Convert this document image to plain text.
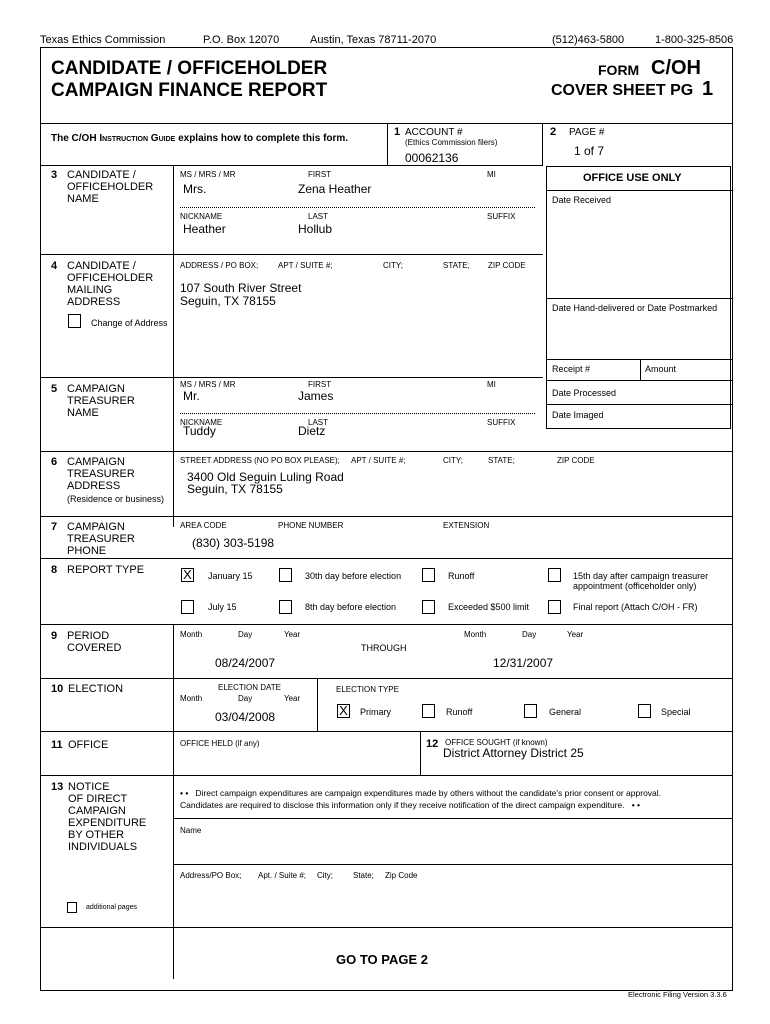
Texas Ethics Commission	P.O. Box 12070	Austin, Texas 78711-2070	(512)463-5800	1-800-325-8506
CANDIDATE / OFFICEHOLDER
CAMPAIGN FINANCE REPORT
FORM C/OH
COVER SHEET PG 1
The C/OH Instruction Guide explains how to complete this form.
1 ACCOUNT #
(Ethics Commission filers)
00062136
2 PAGE #
1 of 7
OFFICE USE ONLY
Date Received
Date Hand-delivered or Date Postmarked
Receipt #	Amount
Date Processed
Date Imaged
3 CANDIDATE /
OFFICEHOLDER
NAME
MS / MRS / MR	FIRST	MI
Mrs.	Zena Heather
NICKNAME	LAST	SUFFIX
Heather	Hollub
4 CANDIDATE /
OFFICEHOLDER
MAILING
ADDRESS
Change of Address
ADDRESS / PO BOX; APT / SUITE #;	CITY;	STATE; ZIP CODE
107 South River Street
Seguin, TX 78155
5 CAMPAIGN
TREASURER
NAME
MS / MRS / MR	FIRST	MI
Mr.	James
NICKNAME	LAST	SUFFIX
Tuddy	Dietz
6 CAMPAIGN
TREASURER
ADDRESS
(Residence or business)
STREET ADDRESS (NO PO BOX PLEASE); APT / SUITE #;	CITY;	STATE;	ZIP CODE
3400 Old Seguin Luling Road
Seguin, TX 78155
7 CAMPAIGN
TREASURER
PHONE
AREA CODE	PHONE NUMBER	EXTENSION
(830) 303-5198
8 REPORT TYPE	X January 15	30th day before election	Runoff	15th day after campaign treasurer
appointment (officeholder only)
July 15	8th day before election	Exceeded $500 limit	Final report (Attach C/OH - FR)
9 PERIOD
COVERED
Month	Day	Year
THROUGH
Month	Day	Year
08/24/2007	12/31/2007
10 ELECTION	ELECTION DATE
Month	Day	Year
03/04/2008
ELECTION TYPE
X Primary	Runoff	General	Special
11 OFFICE	OFFICE HELD (if any)	12 OFFICE SOUGHT (if known)
District Attorney District 25
13 NOTICE
OF DIRECT
CAMPAIGN
EXPENDITURE
BY OTHER
INDIVIDUALS
additional pages
• • Direct campaign expenditures are campaign expenditures made by others without the candidate's prior consent or approval.
Candidates are required to disclose this information only if they receive notification of the direct campaign expenditure. • •
Name
Address/PO Box; Apt. / Suite #; City;	State; Zip Code
GO TO PAGE 2
Electronic Filing Version 3.3.6
